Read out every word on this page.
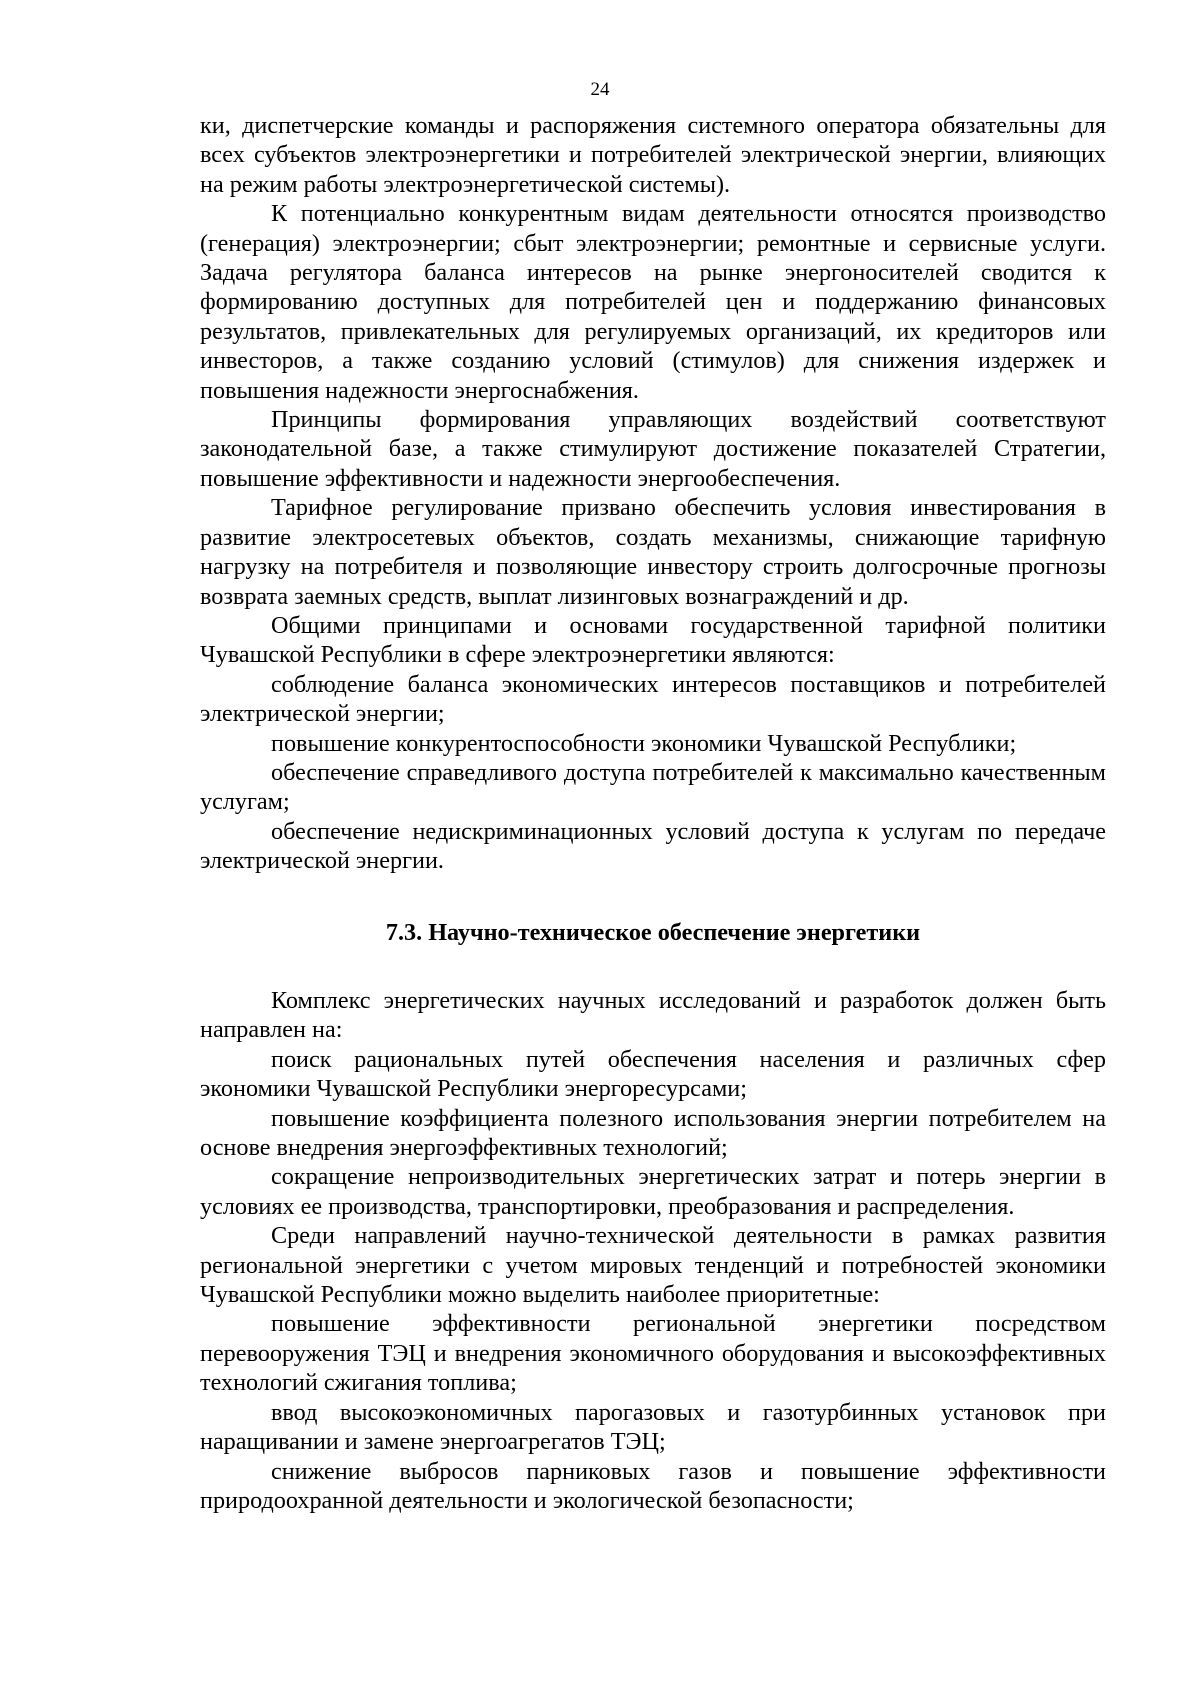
24

ки, диспетчерские команды и распоряжения системного оператора обязательны для всех субъектов электроэнергетики и потребителей электрической энергии, влияющих на режим работы электроэнергетической системы).

К потенциально конкурентным видам деятельности относятся производство (генерация) электроэнергии; сбыт электроэнергии; ремонтные и сервисные услуги. Задача регулятора баланса интересов на рынке энергоносителей сводится к формированию доступных для потребителей цен и поддержанию финансовых результатов, привлекательных для регулируемых организаций, их кредиторов или инвесторов, а также созданию условий (стимулов) для снижения издержек и повышения надежности энергоснабжения.

Принципы формирования управляющих воздействий соответствуют законодательной базе, а также стимулируют достижение показателей Стратегии, повышение эффективности и надежности энергообеспечения.

Тарифное регулирование призвано обеспечить условия инвестирования в развитие электросетевых объектов, создать механизмы, снижающие тарифную нагрузку на потребителя и позволяющие инвестору строить долгосрочные прогнозы возврата заемных средств, выплат лизинговых вознаграждений и др.

Общими принципами и основами государственной тарифной политики Чувашской Республики в сфере электроэнергетики являются:

соблюдение баланса экономических интересов поставщиков и потребителей электрической энергии;

повышение конкурентоспособности экономики Чувашской Республики;

обеспечение справедливого доступа потребителей к максимально качественным услугам;

обеспечение недискриминационных условий доступа к услугам по передаче электрической энергии.

7.3. Научно-техническое обеспечение энергетики

Комплекс энергетических научных исследований и разработок должен быть направлен на:

поиск рациональных путей обеспечения населения и различных сфер экономики Чувашской Республики энергоресурсами;

повышение коэффициента полезного использования энергии потребителем на основе внедрения энергоэффективных технологий;

сокращение непроизводительных энергетических затрат и потерь энергии в условиях ее производства, транспортировки, преобразования и распределения.

Среди направлений научно-технической деятельности в рамках развития региональной энергетики с учетом мировых тенденций и потребностей экономики Чувашской Республики можно выделить наиболее приоритетные:

повышение эффективности региональной энергетики посредством перевооружения ТЭЦ и внедрения экономичного оборудования и высокоэффективных технологий сжигания топлива;

ввод высокоэкономичных парогазовых и газотурбинных установок при наращивании и замене энергоагрегатов ТЭЦ;

снижение выбросов парниковых газов и повышение эффективности природоохранной деятельности и экологической безопасности;
